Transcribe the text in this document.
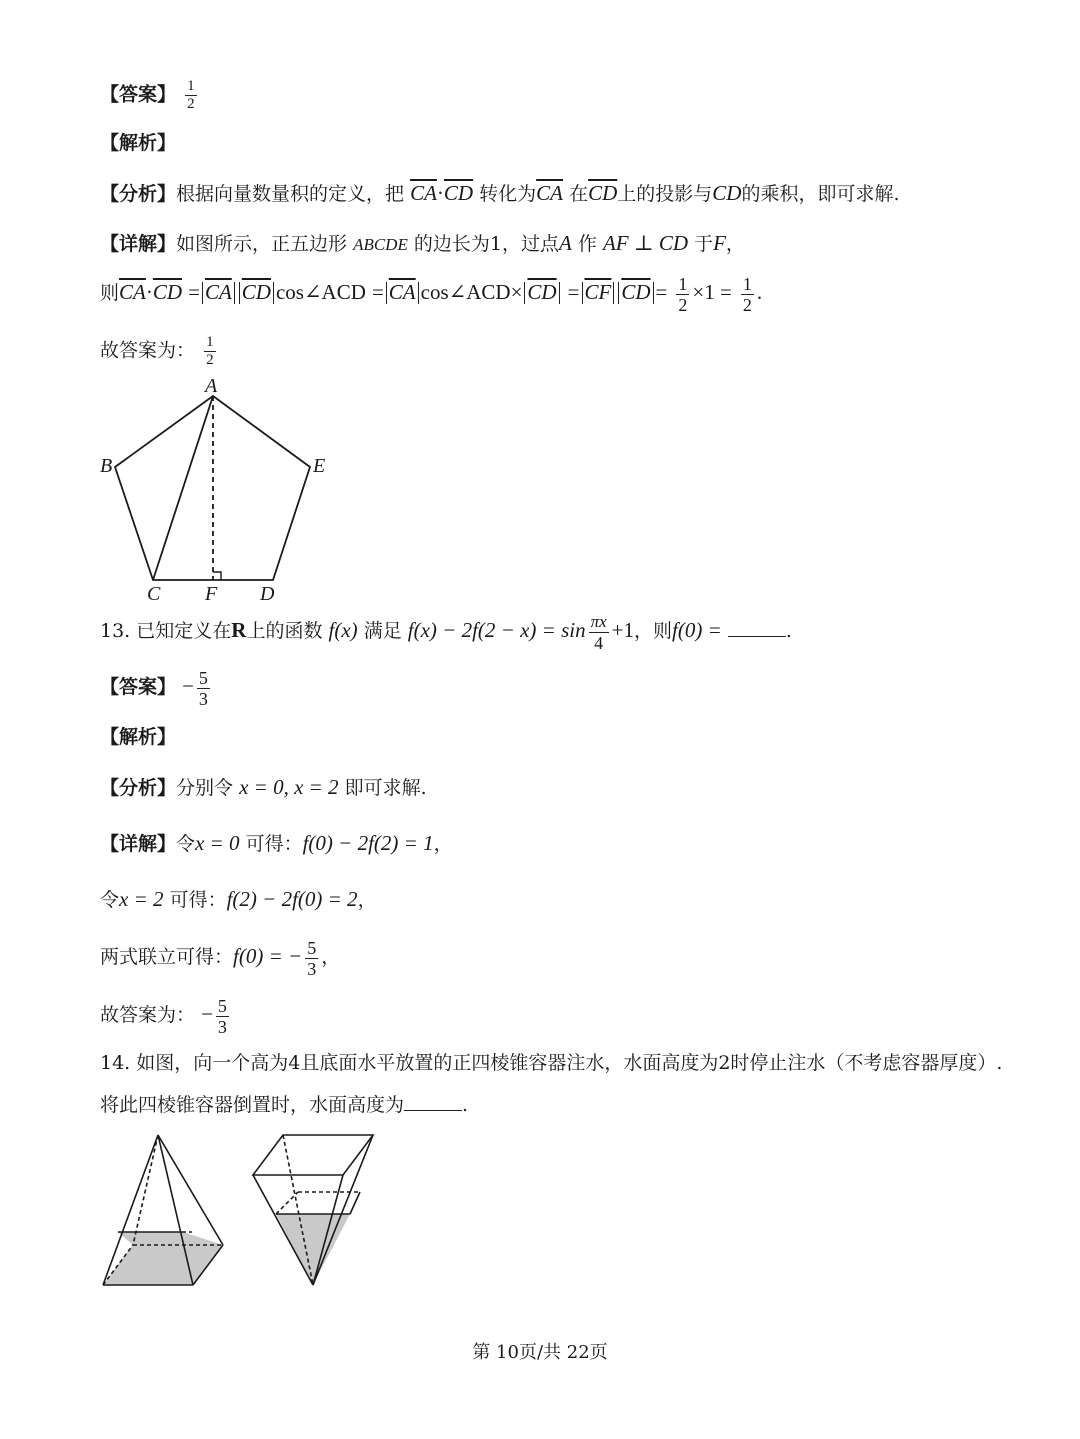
【答案】 $\frac{1}{2}$
【解析】
【分析】根据向量数量积的定义，把 $\overline{CA}\cdot\overline{CD}$ 转化为$\overline{CA}$ 在$\overline{CD}$上的投影与CD的乘积，即可求解.
【详解】如图所示，正五边形 ABCDE 的边长为1，过点A 作 AF ⊥ CD 于F，
则$\overline{CA}\cdot\overline{CD} = \overline{CA}$ $\overline{CD}$ cos∠ACD = $\overline{CA}$ cos∠ACD× $\overline{CD} = \overline{CF}$ $\overline{CD} = \frac{1}{2} \times 1 = \frac{1}{2}$ .
故答案为： $\frac{1}{2}$
A
B
C	D
E
F
13. 已知定义在R上的函数 f(x) 满足 $f(x) - 2f(2 - x) = \sin \frac{\pi x}{4} +1$，则f(0) =	.
【答案】 − $\frac{5}{3}$
【解析】
【分析】分别令 x = 0, x = 2 即可求解.
【详解】令x = 0 可得：f(0) − 2f(2) = 1，
令x = 2 可得：f(2) − 2f(0) = 2，
两式联立可得：f(0) = − $\frac{5}{3}$ ，
故答案为： − $\frac{5}{3}$
14. 如图，向一个高为4且底面水平放置的正四棱锥容器注水，水面高度为2时停止注水（不考虑容器厚度）.
将此四棱锥容器倒置时，水面高度为	.
第 10页/共 22页
